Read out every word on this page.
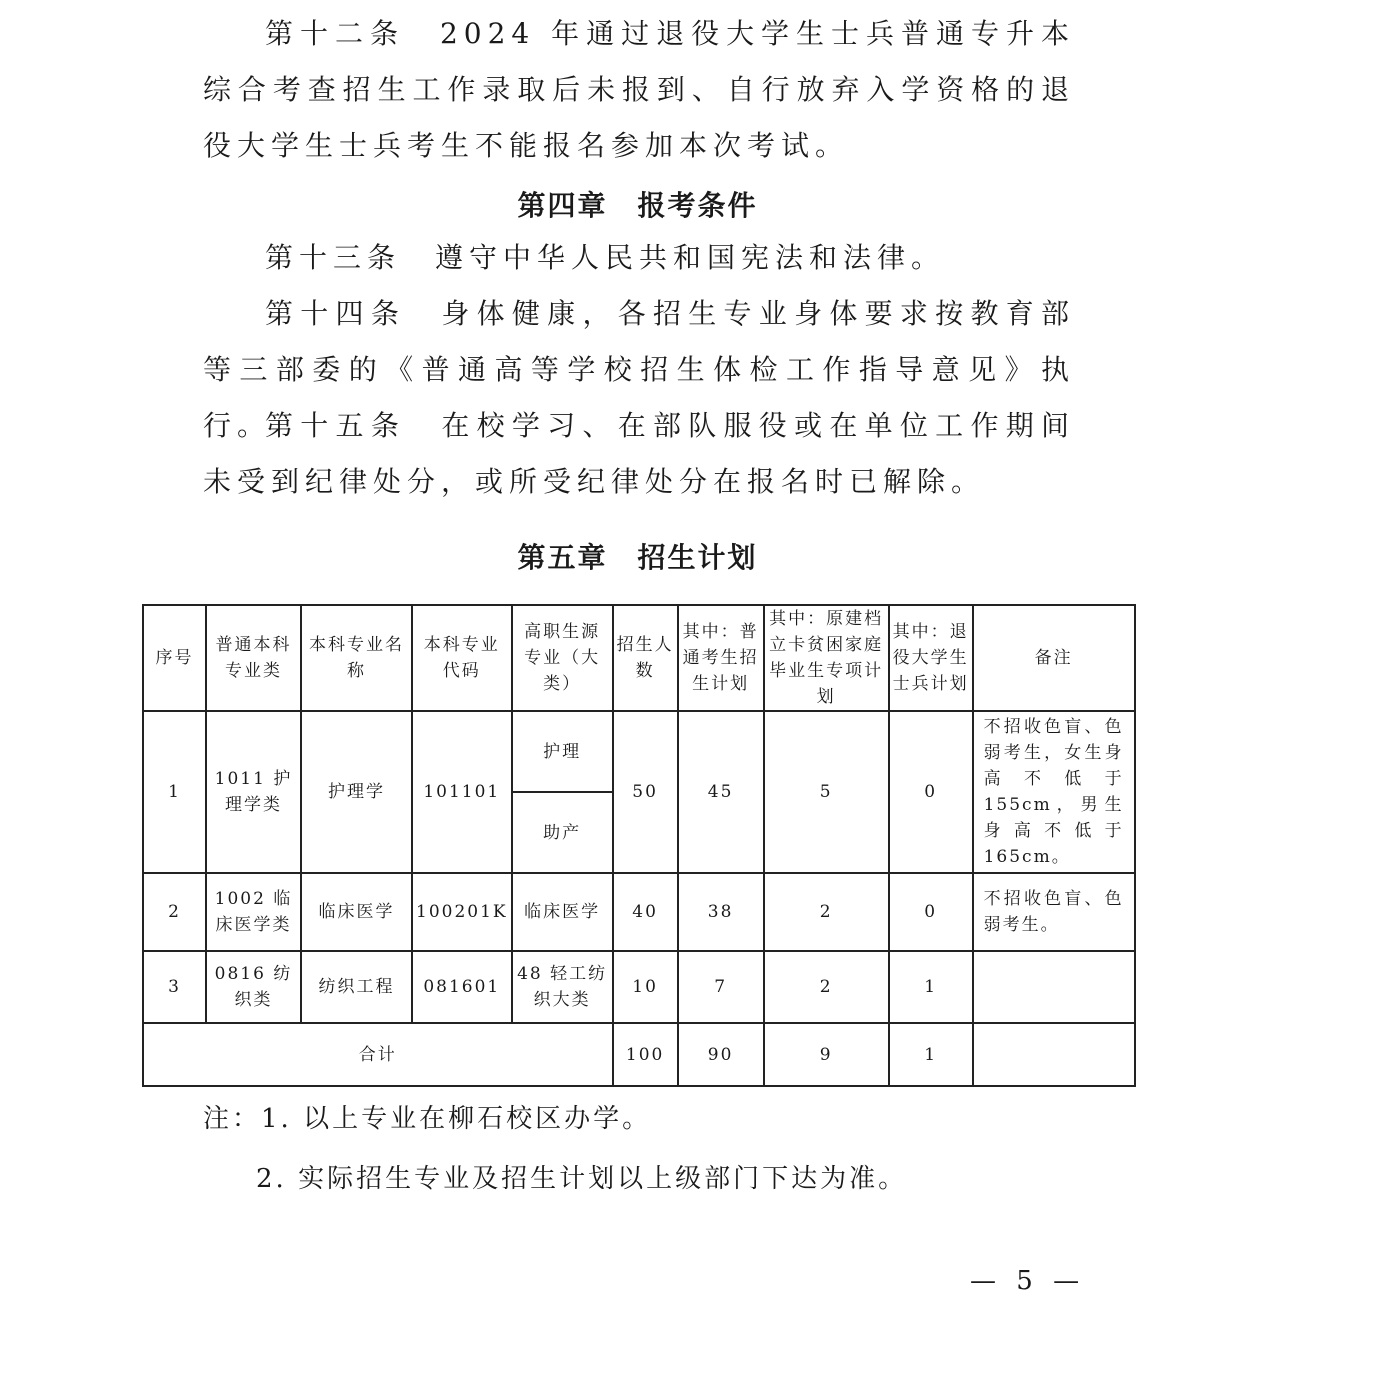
第十二条　2024 年通过退役大学生士兵普通专升本综合考查招生工作录取后未报到、自行放弃入学资格的退役大学生士兵考生不能报名参加本次考试。

第四章　报考条件

第十三条　遵守中华人民共和国宪法和法律。

第十四条　身体健康，各招生专业身体要求按教育部等三部委的《普通高等学校招生体检工作指导意见》执行。

第十五条　在校学习、在部队服役或在单位工作期间未受到纪律处分，或所受纪律处分在报名时已解除。

第五章　招生计划

序号	普通本科专业类	本科专业名称	本科专业代码	高职生源专业（大类）	招生人数	其中：普通考生招生计划	其中：原建档立卡贫困家庭毕业生专项计划	其中：退役大学生士兵计划	备注
1	1011 护理学类	护理学	101101	护理	50	45	5	0	不招收色盲、色弱考生，女生身高不低于155cm，男生身高不低于165cm。
				助产					
2	1002 临床医学类	临床医学	100201K	临床医学	40	38	2	0	不招收色盲、色弱考生。
3	0816 纺织类	纺织工程	081601	48 轻工纺织大类	10	7	2	1	
合计					100	90	9	1	

注：1. 以上专业在柳石校区办学。

2. 实际招生专业及招生计划以上级部门下达为准。

— 5 —
